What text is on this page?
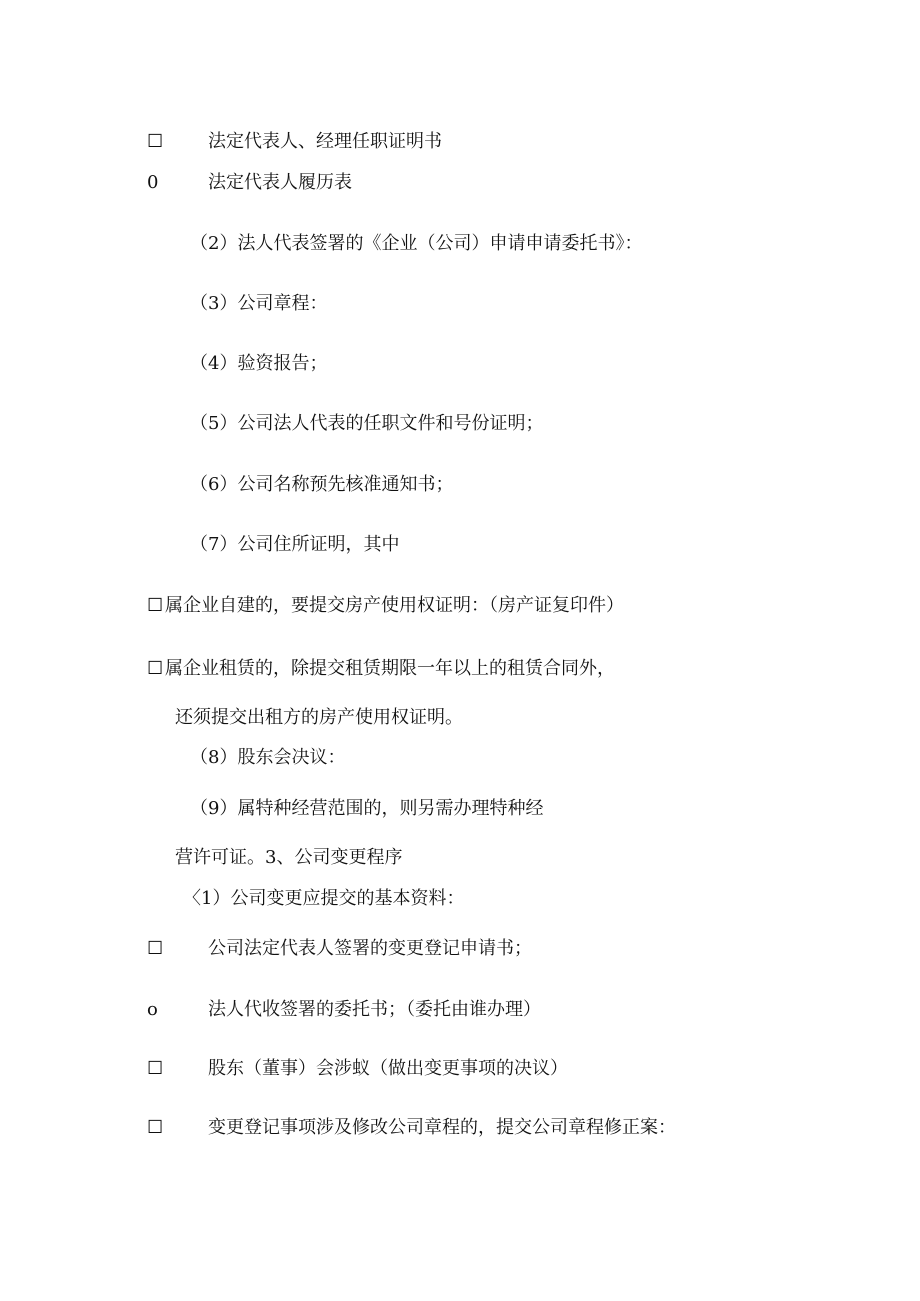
☐ 法定代表人、经理任职证明书
0	法定代表人履历表
（2）法人代表签署的《企业（公司）申请申请委托书》：
（3）公司章程：
（4）验资报告；
（5）公司法人代表的任职文件和号份证明；
（6）公司名称预先核准通知书；
（7）公司住所证明，其中
☐ 属企业自建的，要提交房产使用权证明：（房产证复印件）
☐ 属企业租赁的，除提交租赁期限一年以上的租赁合同外，
还须提交出租方的房产使用权证明。
（8）股东会决议：
（9）属特种经营范围的，则另需办理特种经
营许可证。3、公司变更程序
〈1）公司变更应提交的基本资料：
☐ 公司法定代表人签署的变更登记申请书；
o	法人代收签署的委托书；（委托由谁办理）
☐ 股东（董事）会涉蚁（做出变更事项的决议）
☐ 变更登记事项涉及修改公司章程的，提交公司章程修正案：
